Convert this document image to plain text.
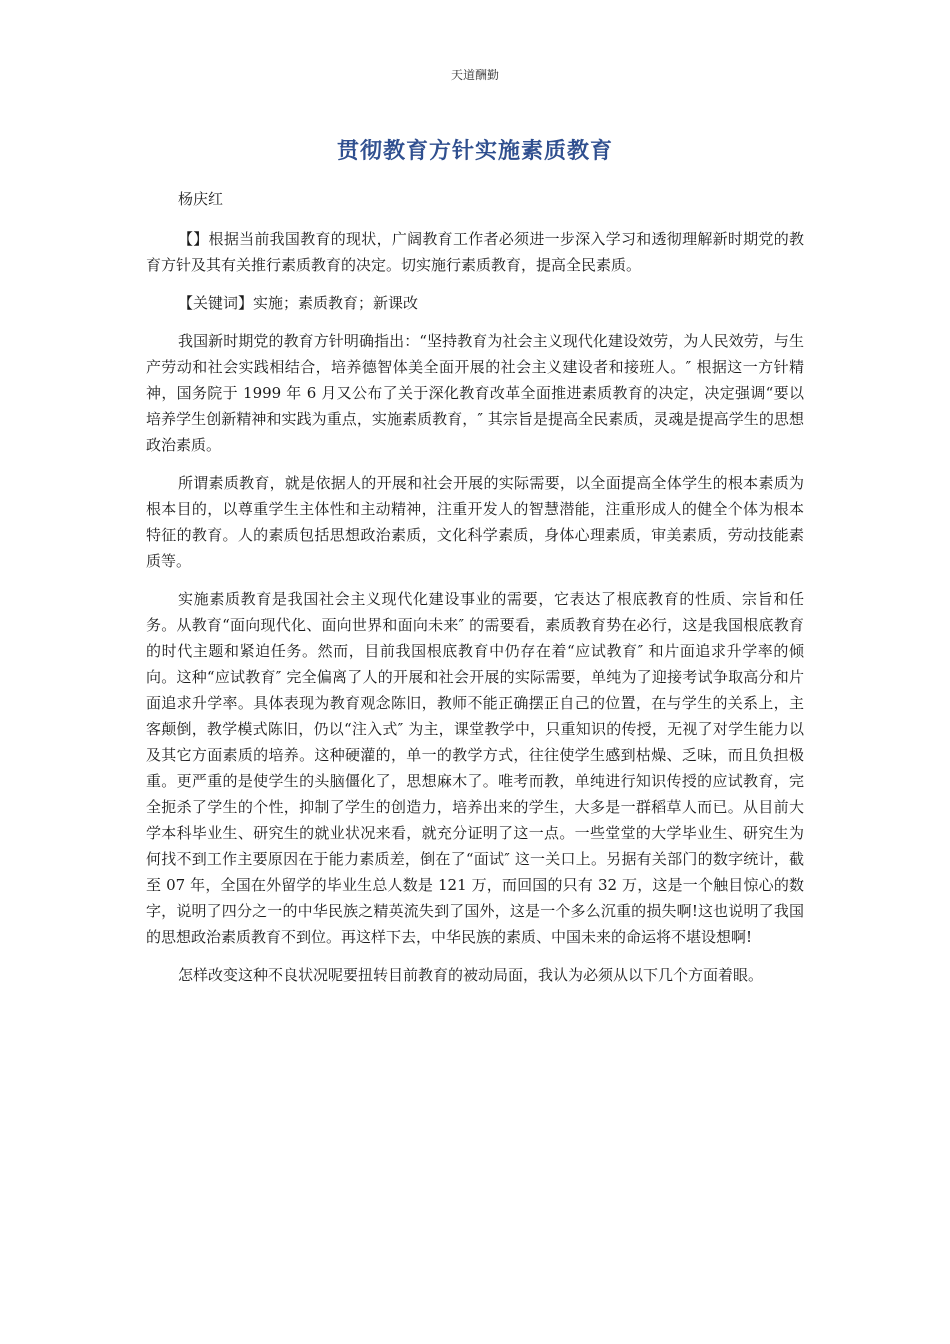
天道酬勤
贯彻教育方针实施素质教育

杨庆红

【】根据当前我国教育的现状，广阔教育工作者必须进一步深入学习和透彻理解新时期党的教育方针及其有关推行素质教育的决定。切实施行素质教育，提高全民素质。

【关键词】实施；素质教育；新课改

我国新时期党的教育方针明确指出：“坚持教育为社会主义现代化建设效劳，为人民效劳，与生产劳动和社会实践相结合，培养德智体美全面开展的社会主义建设者和接班人。″ 根据这一方针精神，国务院于 1999 年 6 月又公布了关于深化教育改革全面推进素质教育的决定，决定强调“要以培养学生创新精神和实践为重点，实施素质教育，″ 其宗旨是提高全民素质，灵魂是提高学生的思想政治素质。

所谓素质教育，就是依据人的开展和社会开展的实际需要，以全面提高全体学生的根本素质为根本目的，以尊重学生主体性和主动精神，注重开发人的智慧潜能，注重形成人的健全个体为根本特征的教育。人的素质包括思想政治素质，文化科学素质，身体心理素质，审美素质，劳动技能素质等。

实施素质教育是我国社会主义现代化建设事业的需要，它表达了根底教育的性质、宗旨和任务。从教育“面向现代化、面向世界和面向未来″ 的需要看，素质教育势在必行，这是我国根底教育的时代主题和紧迫任务。然而，目前我国根底教育中仍存在着“应试教育″ 和片面追求升学率的倾向。这种“应试教育″ 完全偏离了人的开展和社会开展的实际需要，单纯为了迎接考试争取高分和片面追求升学率。具体表现为教育观念陈旧，教师不能正确摆正自己的位置，在与学生的关系上，主客颠倒，教学模式陈旧，仍以“注入式″ 为主，课堂教学中，只重知识的传授，无视了对学生能力以及其它方面素质的培养。这种硬灌的，单一的教学方式，往往使学生感到枯燥、乏味，而且负担极重。更严重的是使学生的头脑僵化了，思想麻木了。唯考而教，单纯进行知识传授的应试教育，完全扼杀了学生的个性，抑制了学生的创造力，培养出来的学生，大多是一群稻草人而已。从目前大学本科毕业生、研究生的就业状况来看，就充分证明了这一点。一些堂堂的大学毕业生、研究生为何找不到工作主要原因在于能力素质差，倒在了“面试″ 这一关口上。另据有关部门的数字统计，截至 07 年，全国在外留学的毕业生总人数是 121 万，而回国的只有 32 万，这是一个触目惊心的数字，说明了四分之一的中华民族之精英流失到了国外，这是一个多么沉重的损失啊!这也说明了我国的思想政治素质教育不到位。再这样下去，中华民族的素质、中国未来的命运将不堪设想啊!

怎样改变这种不良状况呢要扭转目前教育的被动局面，我认为必须从以下几个方面着眼。
